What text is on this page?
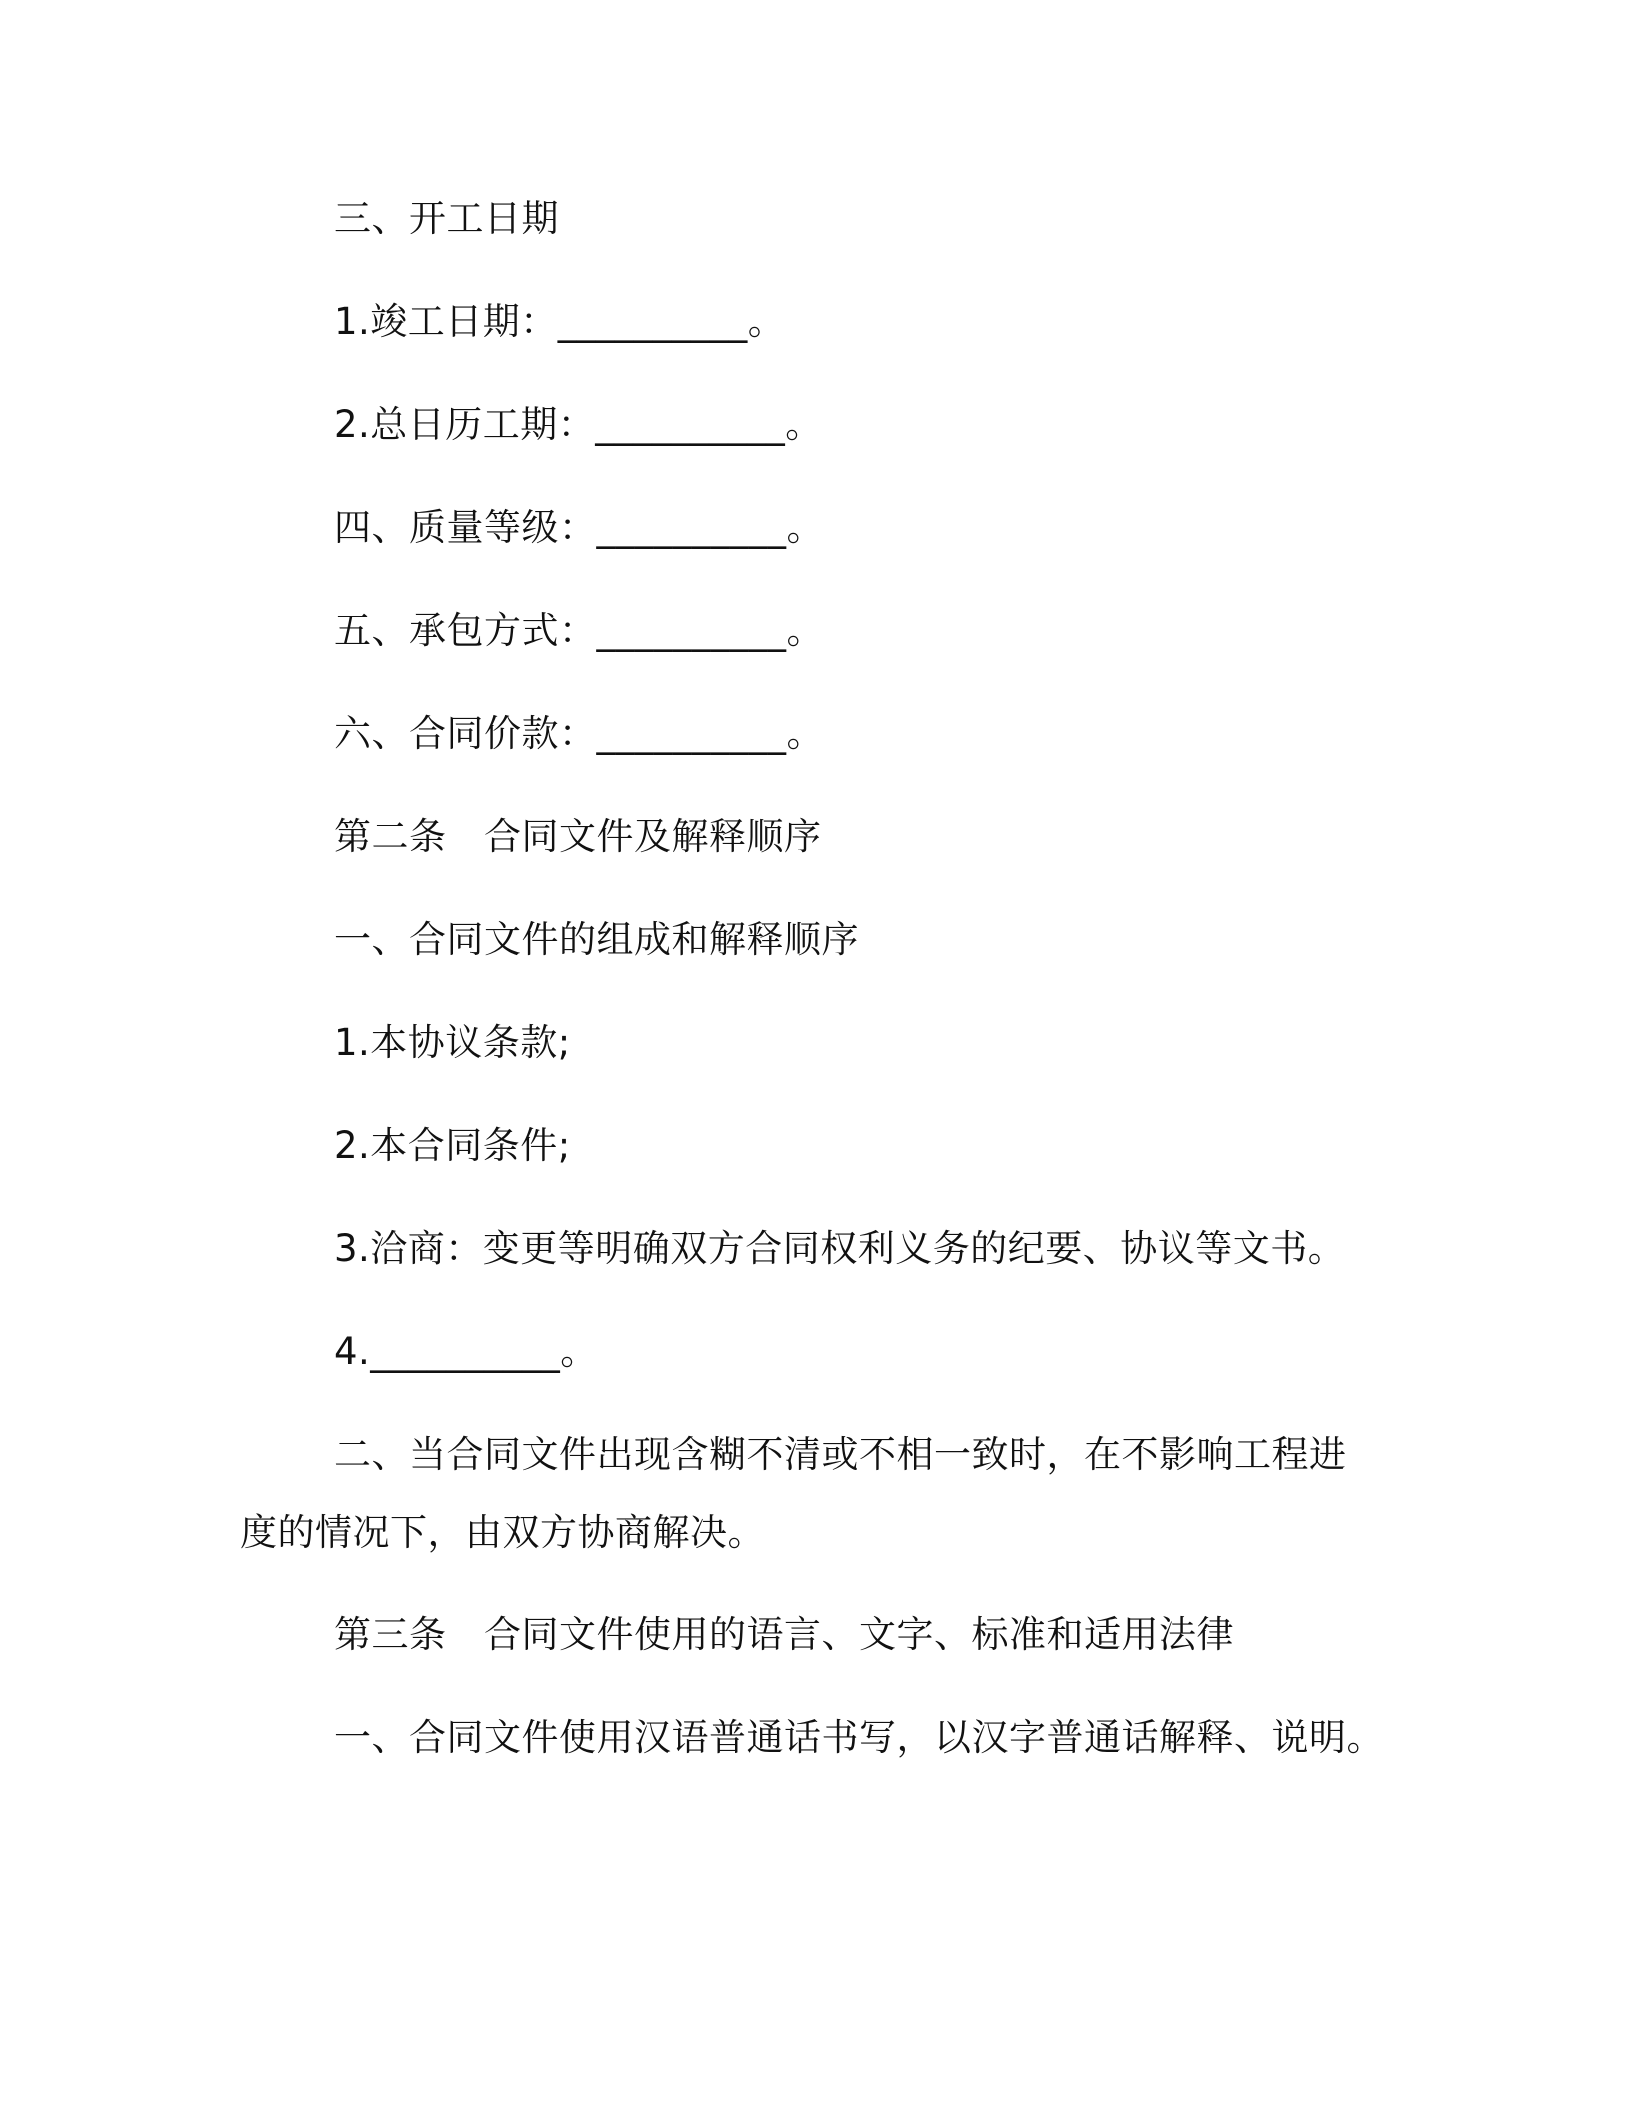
三、开工日期
1.竣工日期：__________。
2.总日历工期：__________。
四、质量等级：__________。
五、承包方式：__________。
六、合同价款：__________。
第二条　合同文件及解释顺序
一、合同文件的组成和解释顺序
1.本协议条款;
2.本合同条件;
3.洽商：变更等明确双方合同权利义务的纪要、协议等文书。
4.__________。
二、当合同文件出现含糊不清或不相一致时，在不影响工程进度的情况下，由双方协商解决。
第三条　合同文件使用的语言、文字、标准和适用法律
一、合同文件使用汉语普通话书写，以汉字普通话解释、说明。
